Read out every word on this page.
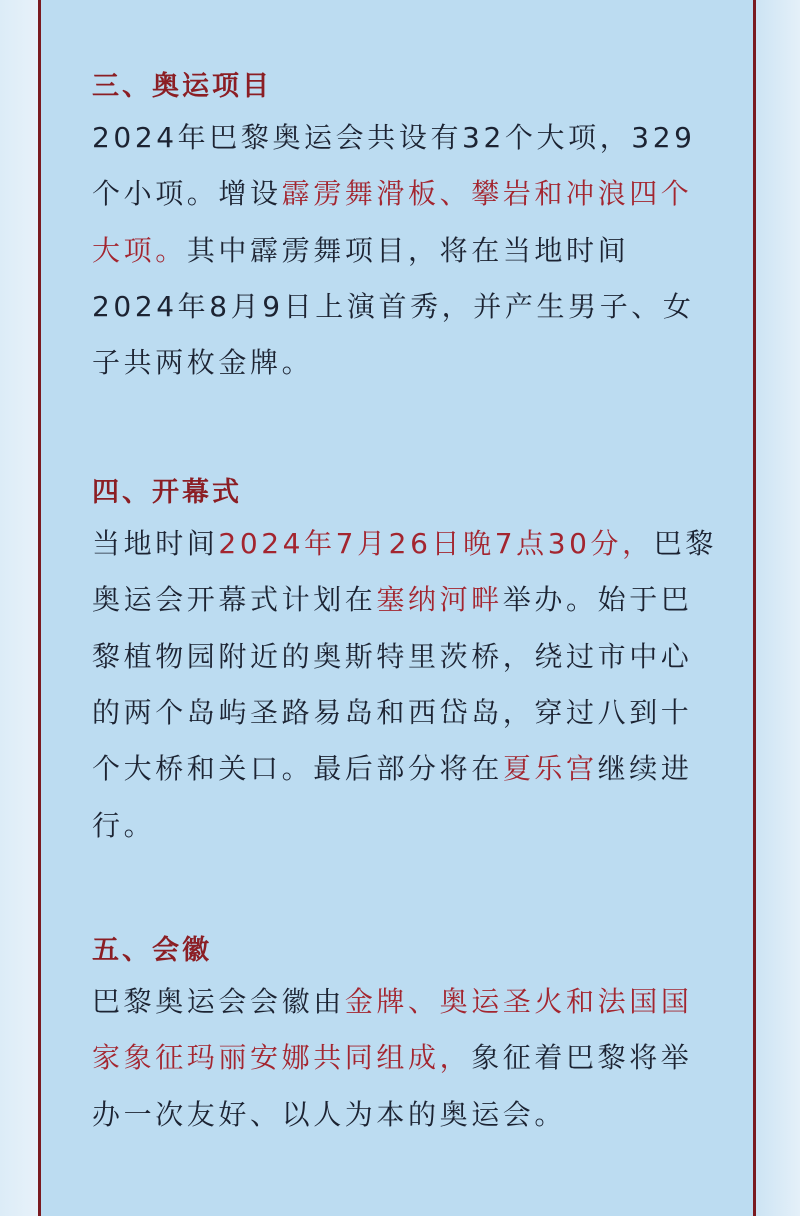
三、奥运项目
2024年巴黎奥运会共设有32个大项，329
个小项。增设霹雳舞滑板、攀岩和冲浪四个
大项。其中霹雳舞项目，将在当地时间
2024年8月9日上演首秀，并产生男子、女
子共两枚金牌。
四、开幕式
当地时间2024年7月26日晚7点30分，巴黎
奥运会开幕式计划在塞纳河畔举办。始于巴
黎植物园附近的奥斯特里茨桥，绕过市中心
的两个岛屿圣路易岛和西岱岛，穿过八到十
个大桥和关口。最后部分将在夏乐宫继续进
行。
五、会徽
巴黎奥运会会徽由金牌、奥运圣火和法国国
家象征玛丽安娜共同组成，象征着巴黎将举
办一次友好、以人为本的奥运会。
